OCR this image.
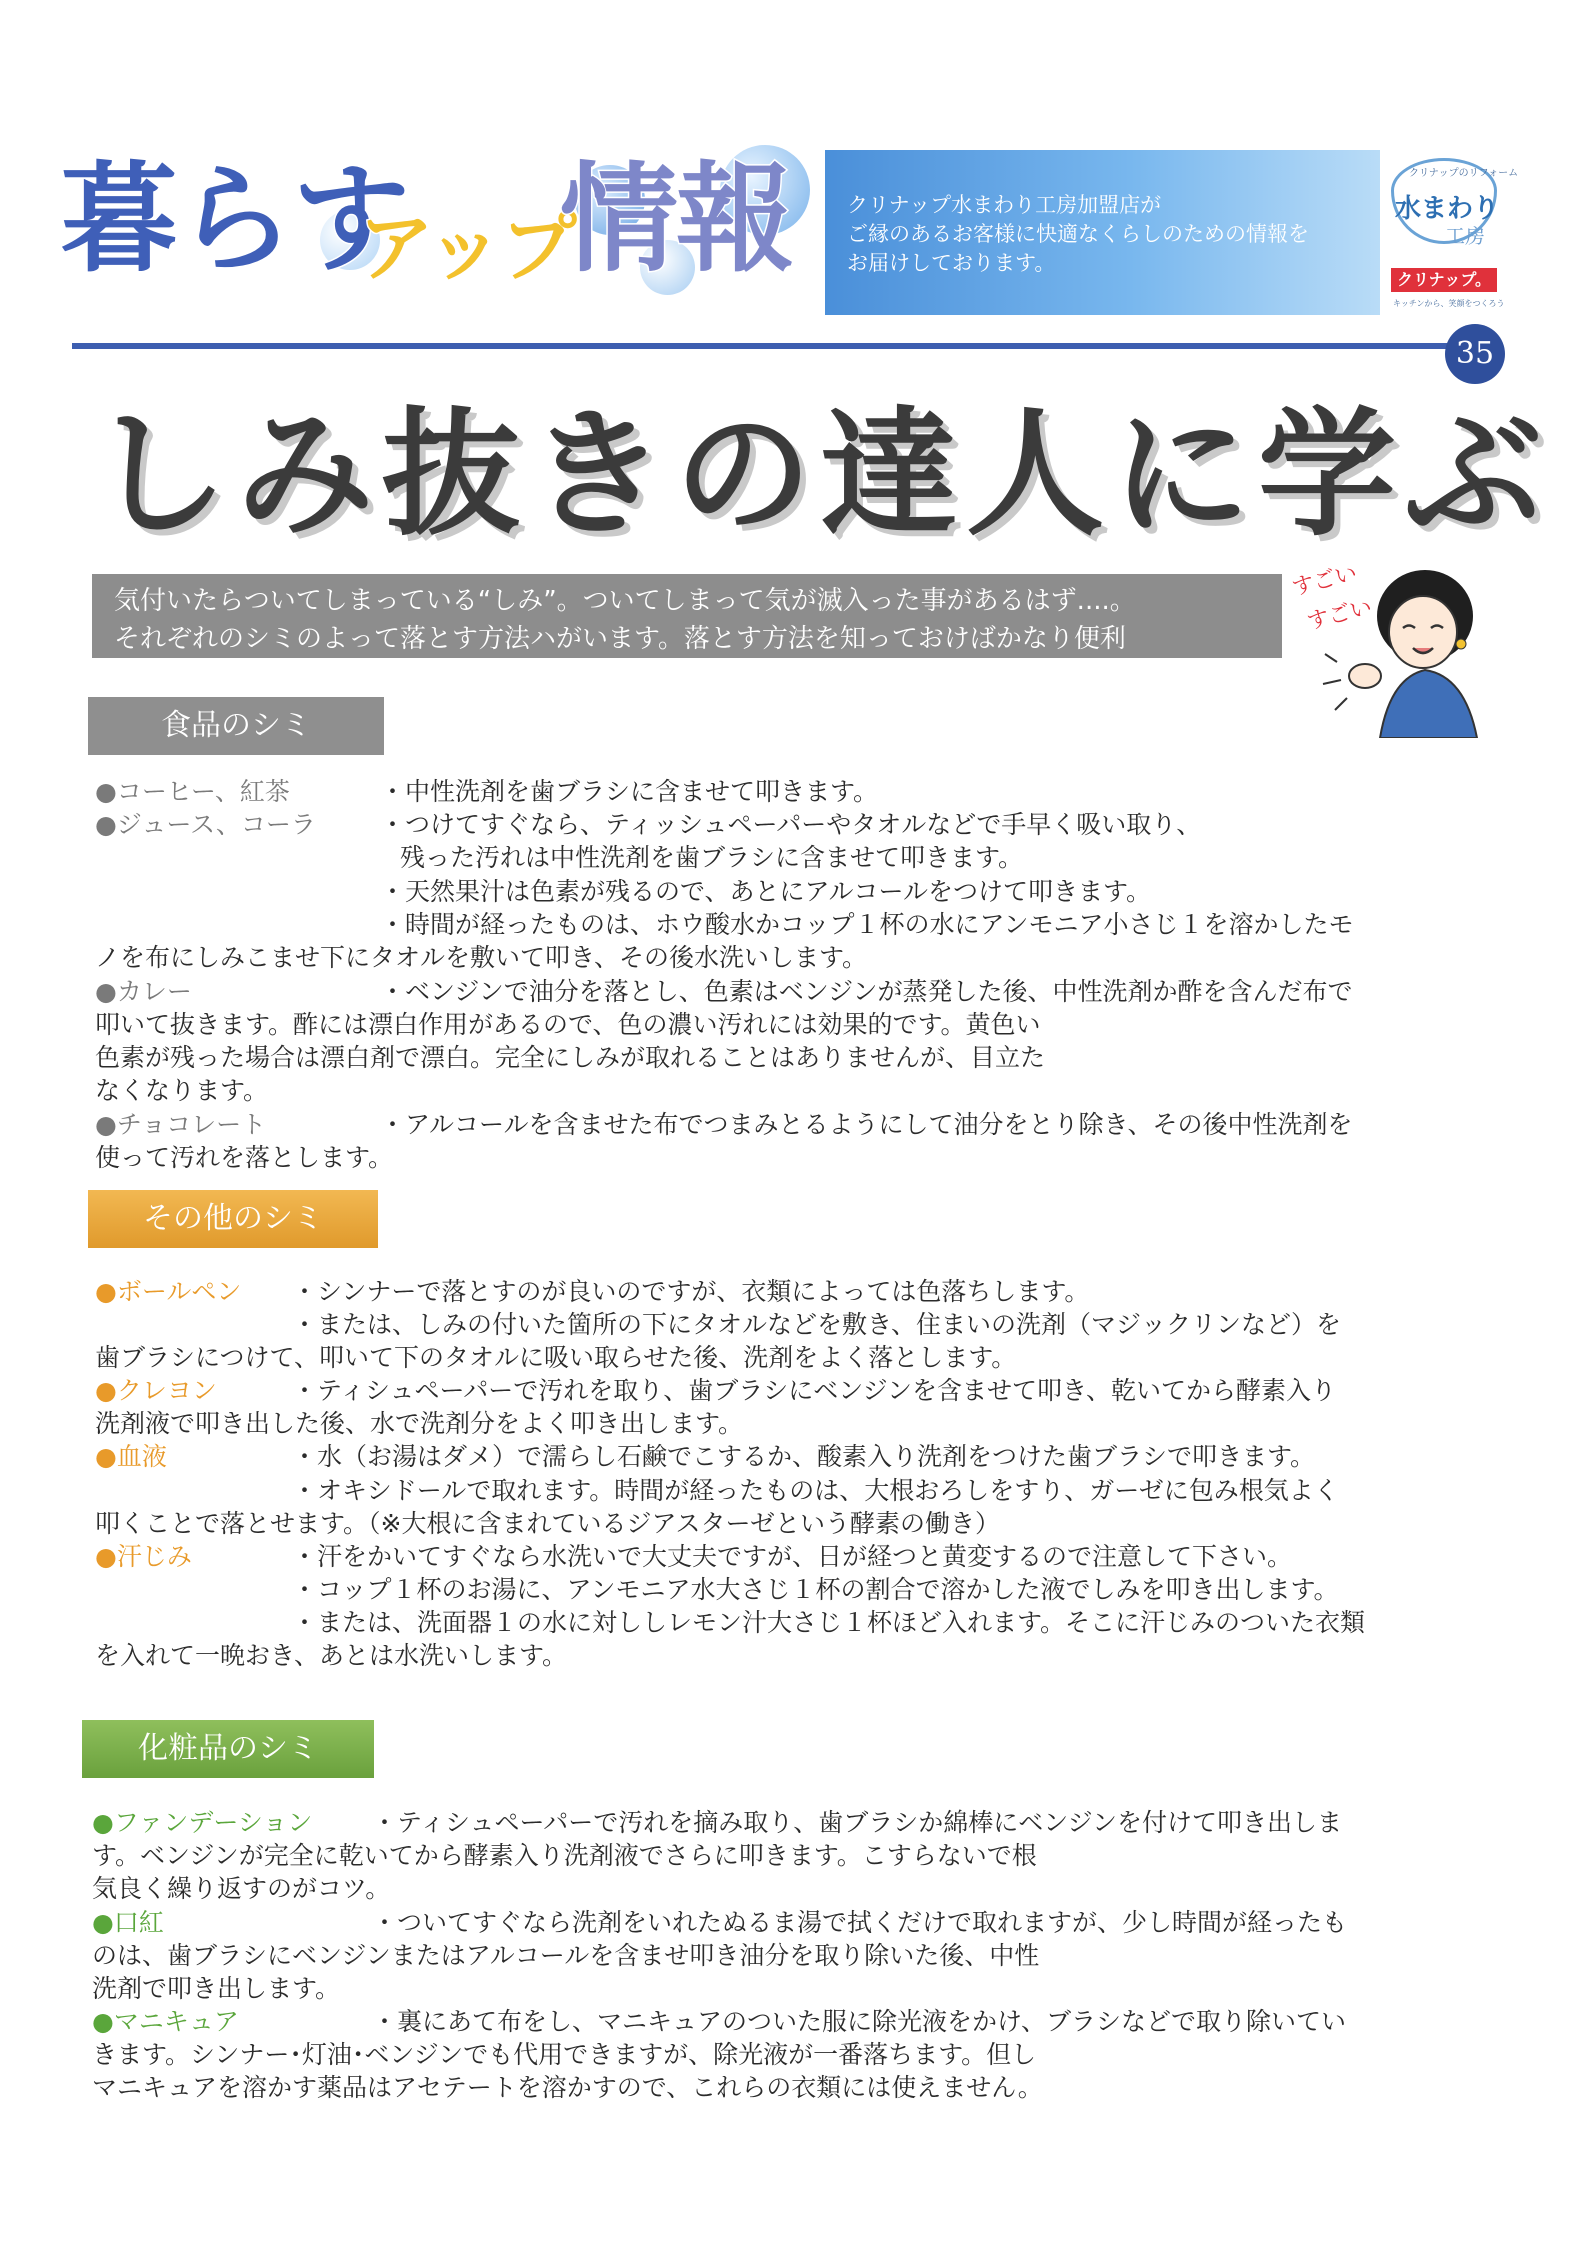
暮らす
アップ
情報	クリナップ水まわり工房加盟店が
ご縁のあるお客様に快適なくらしのための情報を
お届けしております。
クリナップのリフォーム
水まわり
工房
クリナップ。
キッチンから、笑顔をつくろう
35
しみ抜きの達人に学ぶ
気付いたらついてしまっている“しみ”。ついてしまって気が滅入った事があるはず....。
それぞれのシミのよって落とす方法ハがいます。落とす方法を知っておけばかなり便利
すごい
すごい
食品のシミ
●コーヒー、紅茶
●ジュース、コーラ
●カレー
●チョコレート
・中性洗剤を歯ブラシに含ませて叩きます。
・つけてすぐなら、ティッシュペーパーやタオルなどで手早く吸い取り、
残った汚れは中性洗剤を歯ブラシに含ませて叩きます。
・天然果汁は色素が残るので、あとにアルコールをつけて叩きます。
・時間が経ったものは、ホウ酸水かコップ１杯の水にアンモニア小さじ１を溶かしたモ
ノを布にしみこませ下にタオルを敷いて叩き、その後水洗いします。
・ベンジンで油分を落とし、色素はベンジンが蒸発した後、中性洗剤か酢を含んだ布で
叩いて抜きます。酢には漂白作用があるので、色の濃い汚れには効果的です。黄色い
色素が残った場合は漂白剤で漂白。完全にしみが取れることはありませんが、目立た
なくなります。
・アルコールを含ませた布でつまみとるようにして油分をとり除き、その後中性洗剤を
使って汚れを落とします。
その他のシミ
●ボールペン
●クレヨン
●血液
●汗じみ
・シンナーで落とすのが良いのですが、衣類によっては色落ちします。
・または、しみの付いた箇所の下にタオルなどを敷き、住まいの洗剤（マジックリンなど）を
歯ブラシにつけて、叩いて下のタオルに吸い取らせた後、洗剤をよく落とします。
・ティシュペーパーで汚れを取り、歯ブラシにベンジンを含ませて叩き、乾いてから酵素入り
洗剤液で叩き出した後、水で洗剤分をよく叩き出します。
・水（お湯はダメ）で濡らし石鹸でこするか、酸素入り洗剤をつけた歯ブラシで叩きます。
・オキシドールで取れます。時間が経ったものは、大根おろしをすり、ガーゼに包み根気よく
叩くことで落とせます。（※大根に含まれているジアスターゼという酵素の働き）
・汗をかいてすぐなら水洗いで大丈夫ですが、日が経つと黄変するので注意して下さい。
・コップ１杯のお湯に、アンモニア水大さじ１杯の割合で溶かした液でしみを叩き出します。
・または、洗面器１の水に対ししレモン汁大さじ１杯ほど入れます。そこに汗じみのついた衣類
を入れて一晩おき、あとは水洗いします。
化粧品のシミ
●ファンデーション
●口紅
●マニキュア
・ティシュペーパーで汚れを摘み取り、歯ブラシか綿棒にベンジンを付けて叩き出しま
す。ベンジンが完全に乾いてから酵素入り洗剤液でさらに叩きます。こすらないで根
気良く繰り返すのがコツ。
・ついてすぐなら洗剤をいれたぬるま湯で拭くだけで取れますが、少し時間が経ったも
のは、歯ブラシにベンジンまたはアルコールを含ませ叩き油分を取り除いた後、中性
洗剤で叩き出します。
・裏にあて布をし、マニキュアのついた服に除光液をかけ、ブラシなどで取り除いてい
きます。シンナー･灯油･ベンジンでも代用できますが、除光液が一番落ちます。但し
マニキュアを溶かす薬品はアセテートを溶かすので、これらの衣類には使えません。
